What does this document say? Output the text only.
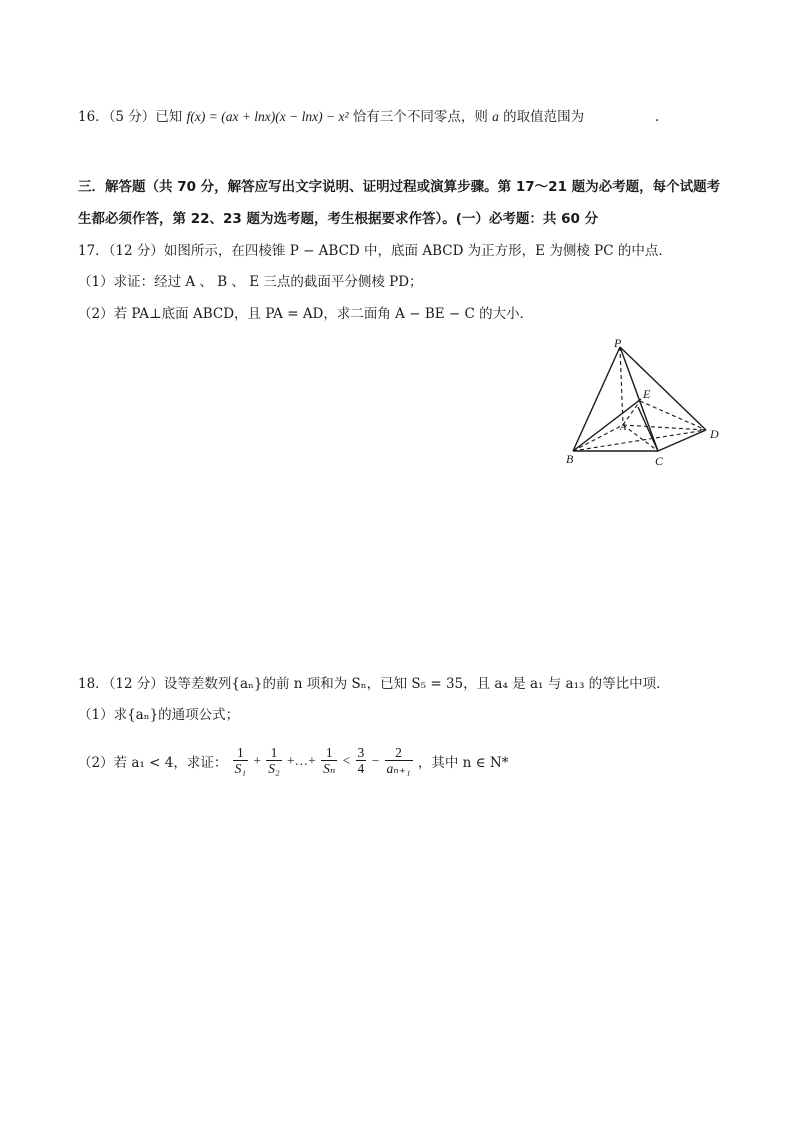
16．（5 分）已知 f(x) = (ax + lnx)(x − lnx) − x² 恰有三个不同零点，则 a 的取值范围为	.
三．解答题（共 70 分，解答应写出文字说明、证明过程或演算步骤。第 17～21 题为必考题，每个试题考
生都必须作答，第 22、23 题为选考题，考生根据要求作答）。(一）必考题：共 60 分
17．（12 分）如图所示，在四棱锥 P − ABCD 中，底面 ABCD 为正方形，E 为侧棱 PC 的中点．
（1）求证：经过 A 、 B 、 E 三点的截面平分侧棱 PD；
（2）若 PA⊥底面 ABCD，且 PA = AD，求二面角 A − BE − C 的大小．
P
E
A	D
B	C
18．（12 分）设等差数列{aₙ}的前 n 项和为 Sₙ，已知 S₅ = 35，且 a₄ 是 a₁ 与 a₁₃ 的等比中项．
（1）求{aₙ}的通项公式；
（2）若 a₁ < 4，求证： $\frac{1}{\text{S₁}} + \frac{1}{\text{S₂}}$ +…+ $\frac{1}{\text{Sₙ}} < \frac{3}{4} - \frac{2}{\text{aₙ₊₁}}$ ，其中 n ∈ N*
